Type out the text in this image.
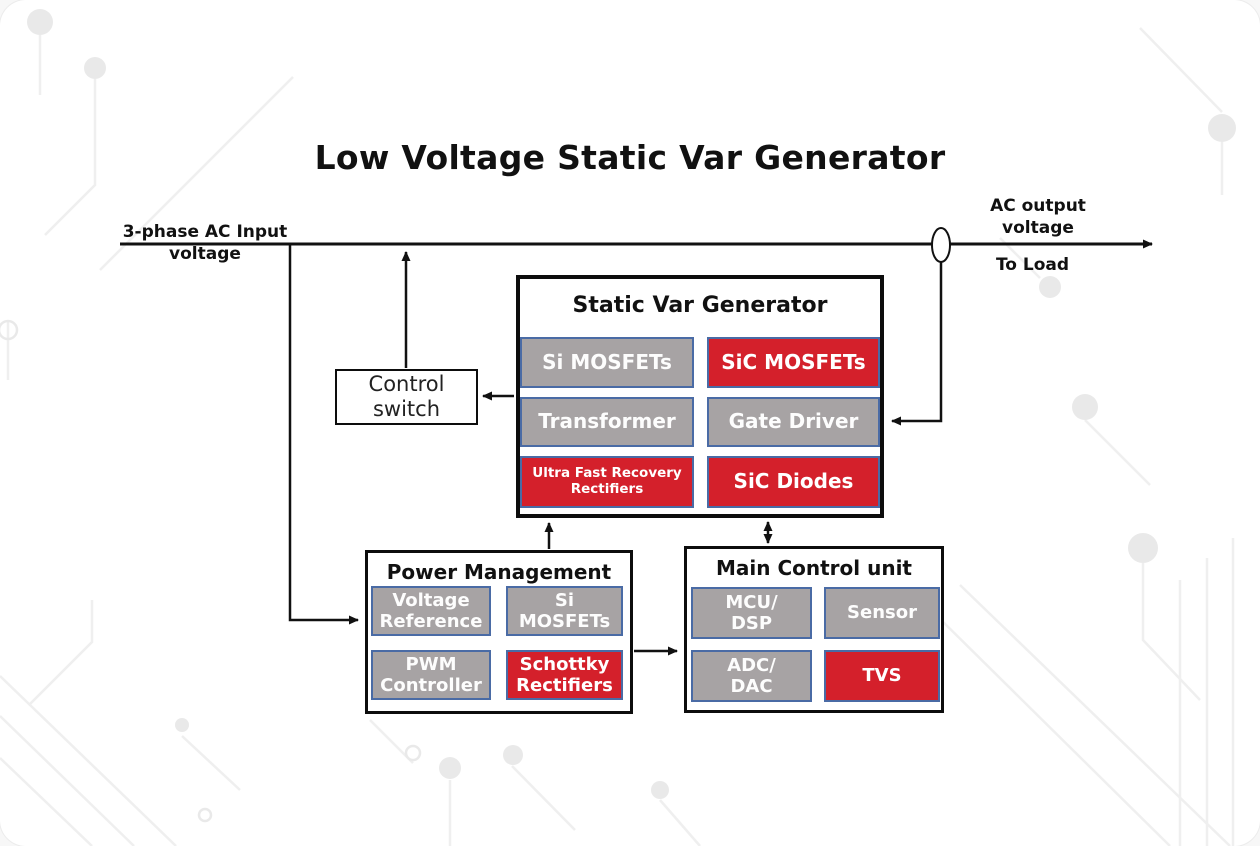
Low Voltage Static Var Generator
3-phase AC Input
voltage
AC output
voltage
To Load
Control
switch
Static Var Generator
Si MOSFETs SiC MOSFETs
Transformer	Gate Driver
Ultra Fast Recovery
Rectifiers	SiC Diodes
Power Management
Voltage
Reference
Si
MOSFETs
PWM
Controller
Schottky
Rectifiers
Main Control unit
MCU/
DSP
Sensor
ADC/
DAC
TVS
